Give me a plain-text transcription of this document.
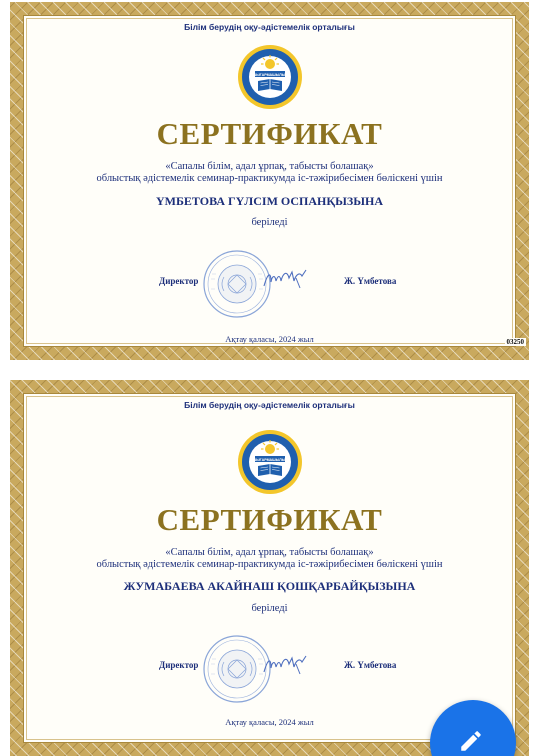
Білім берудің оқу-әдістемелік орталығы
ШЫҒАРМАШЫЛЫҚ
СЕРТИФИКАТ
«Сапалы білім, адал ұрпақ, табысты болашақ»
облыстық әдістемелік семинар-практикумда іс-тәжірибесімен бөліскені үшін
ҮМБЕТОВА ГҮЛСІМ ОСПАНҚЫЗЫНА
беріледі
Директор	Ж. Үмбетова
Ақтау қаласы, 2024 жыл	03250
Білім берудің оқу-әдістемелік орталығы
ШЫҒАРМАШЫЛЫҚ
СЕРТИФИКАТ
«Сапалы білім, адал ұрпақ, табысты болашақ»
облыстық әдістемелік семинар-практикумда іс-тәжірибесімен бөліскені үшін
ЖУМАБАЕВА АКАЙНАШ ҚОШҚАРБАЙҚЫЗЫНА
беріледі
Директор	Ж. Үмбетова
Ақтау қаласы, 2024 жыл
